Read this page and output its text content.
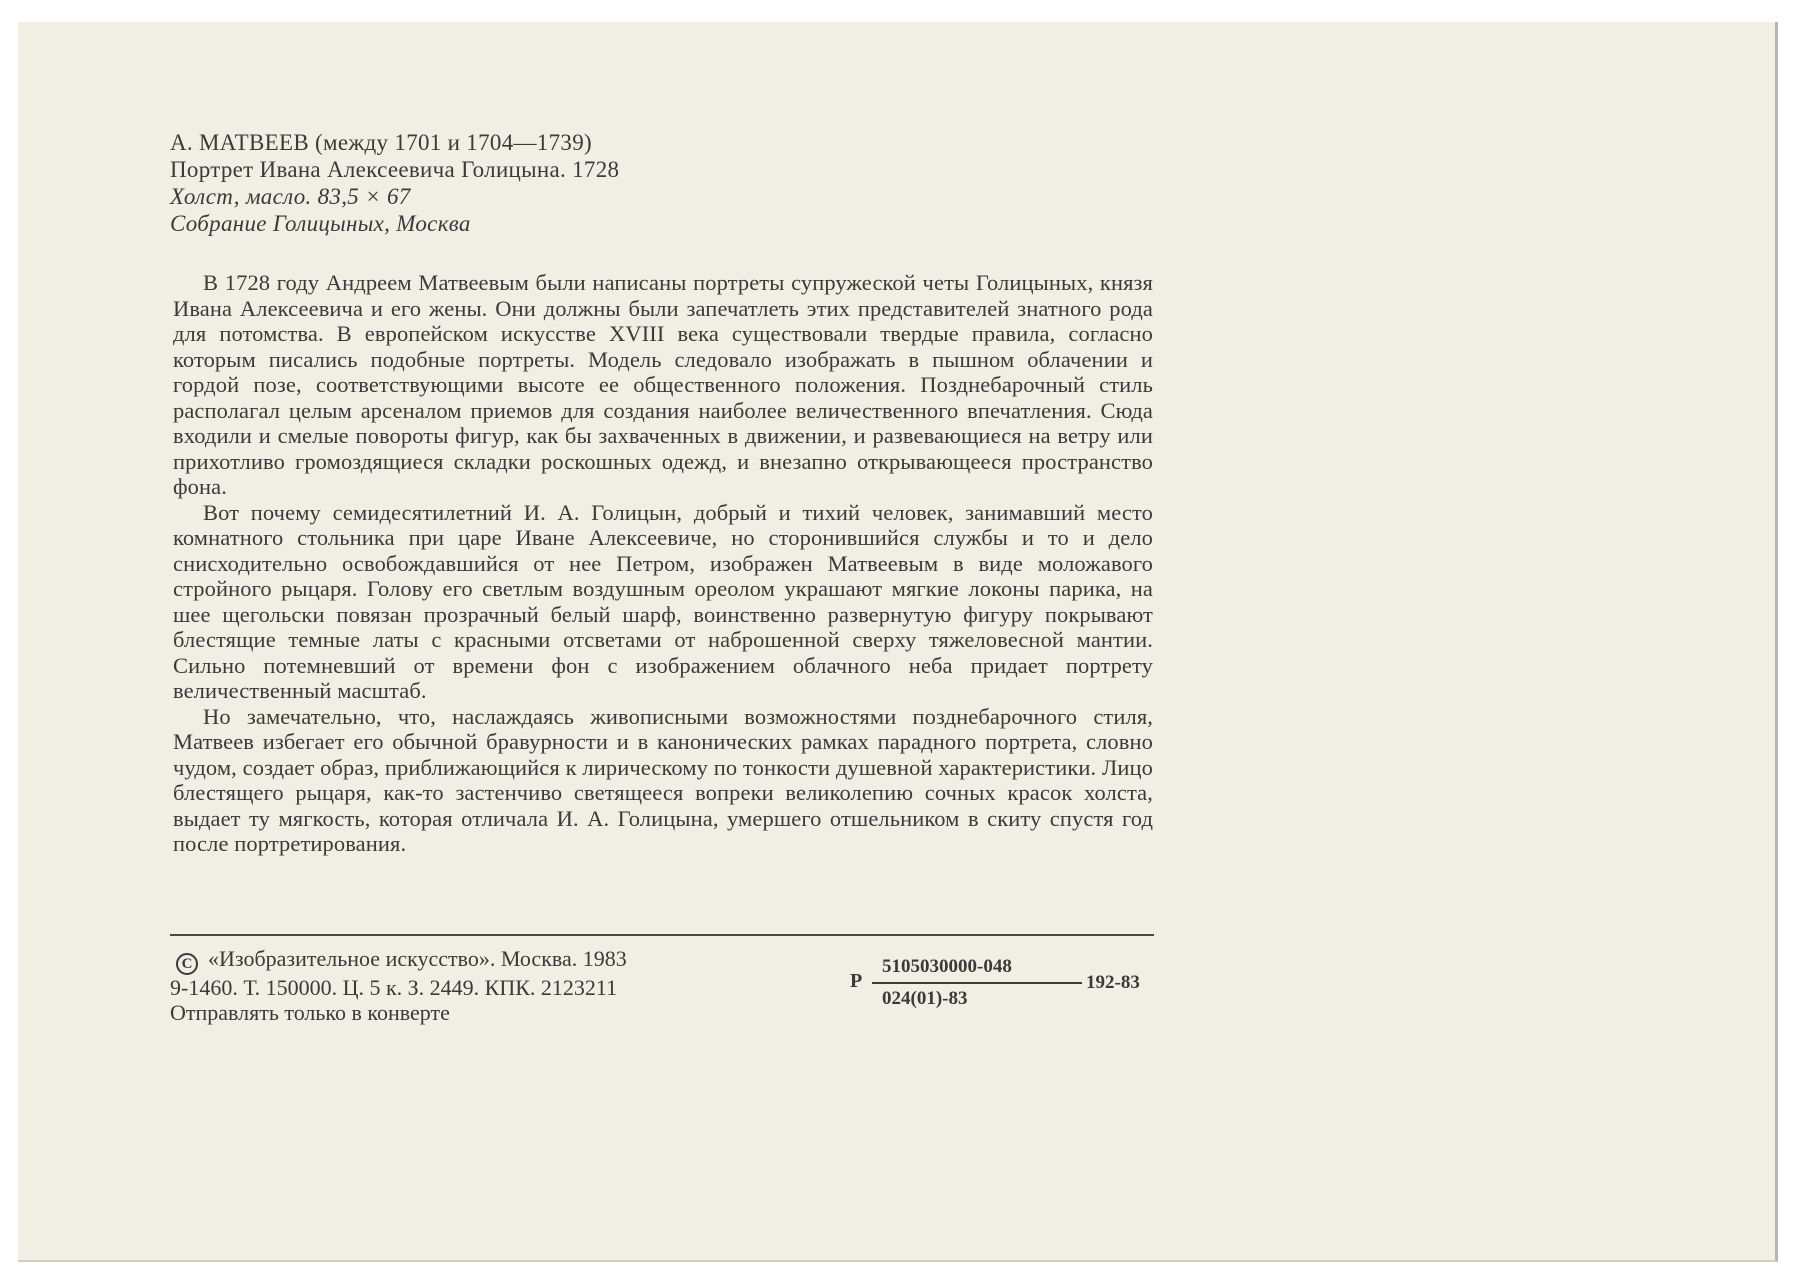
А. МАТВЕЕВ (между 1701 и 1704—1739)
Портрет Ивана Алексеевича Голицына. 1728
Холст, масло. 83,5 × 67
Собрание Голицыных, Москва

В 1728 году Андреем Матвеевым были написаны портреты супружеской четы Голицыных, князя Ивана Алексеевича и его жены. Они должны были запечатлеть этих представителей знатного рода для потомства. В европейском искусстве XVIII века существовали твердые правила, согласно которым писались подобные портреты. Модель следовало изображать в пышном облачении и гордой позе, соответствующими высоте ее общественного положения. Позднебарочный стиль располагал целым арсеналом приемов для создания наиболее величественного впечатления. Сюда входили и смелые повороты фигур, как бы захваченных в движении, и развевающиеся на ветру или прихотливо громоздящиеся складки роскошных одежд, и внезапно открывающееся пространство фона.

Вот почему семидесятилетний И. А. Голицын, добрый и тихий человек, занимавший место комнатного стольника при царе Иване Алексеевиче, но сторонившийся службы и то и дело снисходительно освобождавшийся от нее Петром, изображен Матвеевым в виде моложавого стройного рыцаря. Голову его светлым воздушным ореолом украшают мягкие локоны парика, на шее щегольски повязан прозрачный белый шарф, воинственно развернутую фигуру покрывают блестящие темные латы с красными отсветами от наброшенной сверху тяжеловесной мантии. Сильно потемневший от времени фон с изображением облачного неба придает портрету величественный масштаб.

Но замечательно, что, наслаждаясь живописными возможностями позднебарочного стиля, Матвеев избегает его обычной бравурности и в канонических рамках парадного портрета, словно чудом, создает образ, приближающийся к лирическому по тонкости душевной характеристики. Лицо блестящего рыцаря, как-то застенчиво светящееся вопреки великолепию сочных красок холста, выдает ту мягкость, которая отличала И. А. Голицына, умершего отшельником в скиту спустя год после портретирования.

C «Изобразительное искусство». Москва. 1983
9-1460. Т. 150000. Ц. 5 к. З. 2449. КПК. 2123211
Отправлять только в конверте
Р
5105030000-048
024(01)-83
192-83
